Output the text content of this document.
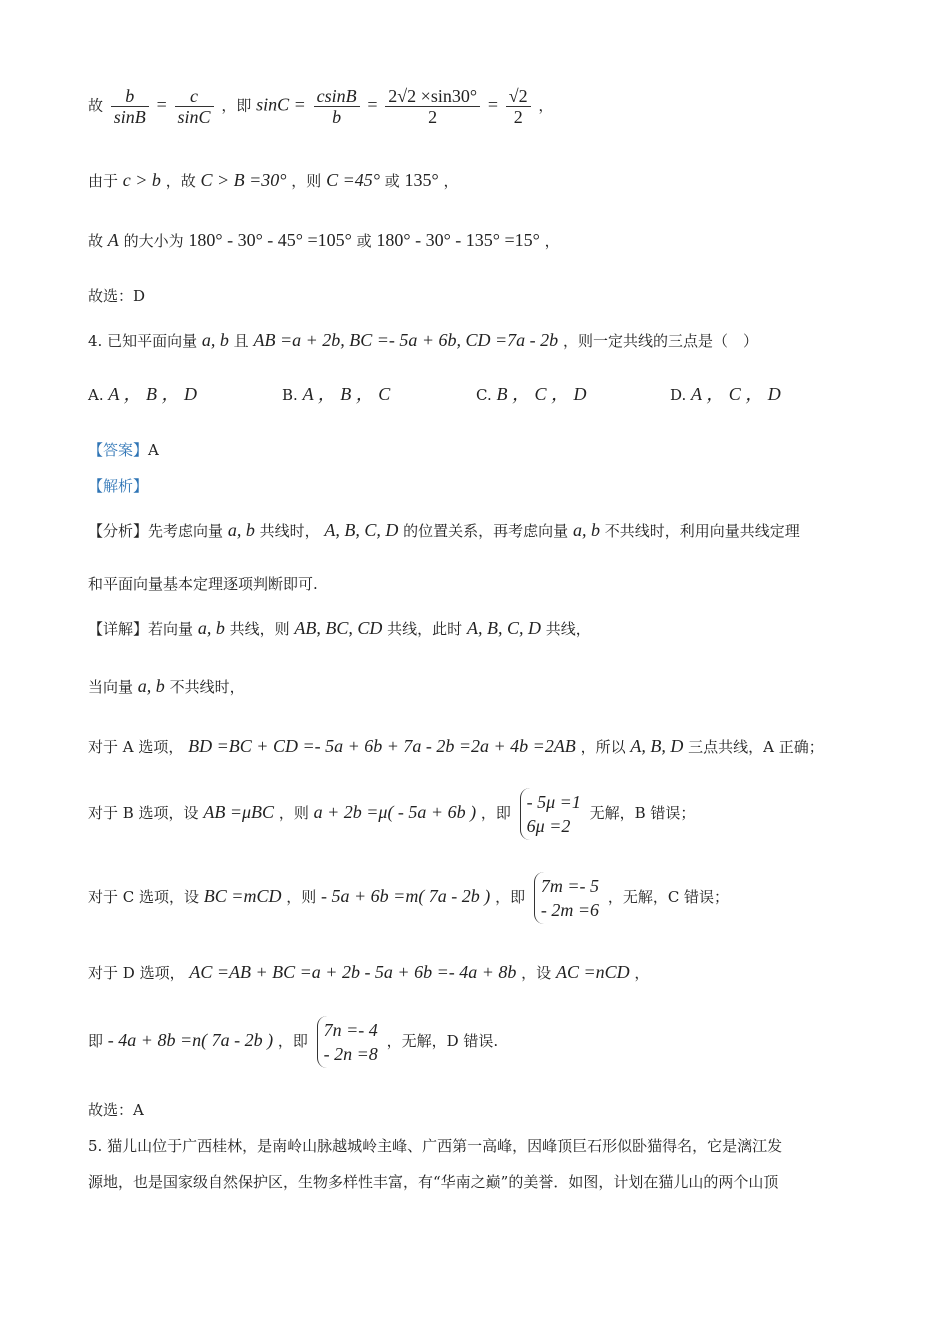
故 $\frac{b}{\sin B} = \frac{c}{\sin C}$ ，即 $\sin C = \frac{csinB}{b} = \frac{2√2 \times\sin 30^\circ}{2} = \frac{√2}{2}$ ，
由于 c > b ，故 C > B =30° ，则 C =45° 或 135° ，
故 A 的大小为 180° - 30° - 45° =105° 或 180° - 30° - 135° =15° ，
故选：D
4. 已知平面向量 a, b 且 AB =a + 2b, BC =- 5a + 6b, CD =7a - 2b ，则一定共线的三点是（　）
A. A ， B ， D	B. A ， B ， C	C. B ， C ， D	D. A ， C ， D
【答案】A
【解析】
【分析】先考虑向量 a, b 共线时， A, B, C, D 的位置关系，再考虑向量 a, b 不共线时，利用向量共线定理
和平面向量基本定理逐项判断即可.
【详解】若向量 a, b 共线，则 AB, BC, CD 共线，此时 A, B, C, D 共线，
当向量 a, b 不共线时，
对于 A 选项， BD =BC + CD =- 5a + 6b + 7a - 2b =2a + 4b =2AB ，所以 A, B, D 三点共线，A 正确；
对于 B 选项，设 AB =μBC ，则 a + 2b =μ( - 5a + 6b ) ，即
- 5μ =1
6μ =2
无解，B 错误；
对于 C 选项，设 BC =mCD ，则 - 5a + 6b =m( 7a - 2b ) ，即
7m =- 5
- 2m =6
，无解，C 错误；
对于 D 选项， AC =AB + BC =a + 2b - 5a + 6b =- 4a + 8b ，设 AC =nCD ，
即 - 4a + 8b =n( 7a - 2b ) ，即
7n =- 4
- 2n =8
，无解，D 错误.
故选：A
5. 猫儿山位于广西桂林，是南岭山脉越城岭主峰、广西第一高峰，因峰顶巨石形似卧猫得名，它是漓江发
源地，也是国家级自然保护区，生物多样性丰富，有“华南之巅”的美誉．如图，计划在猫儿山的两个山顶
